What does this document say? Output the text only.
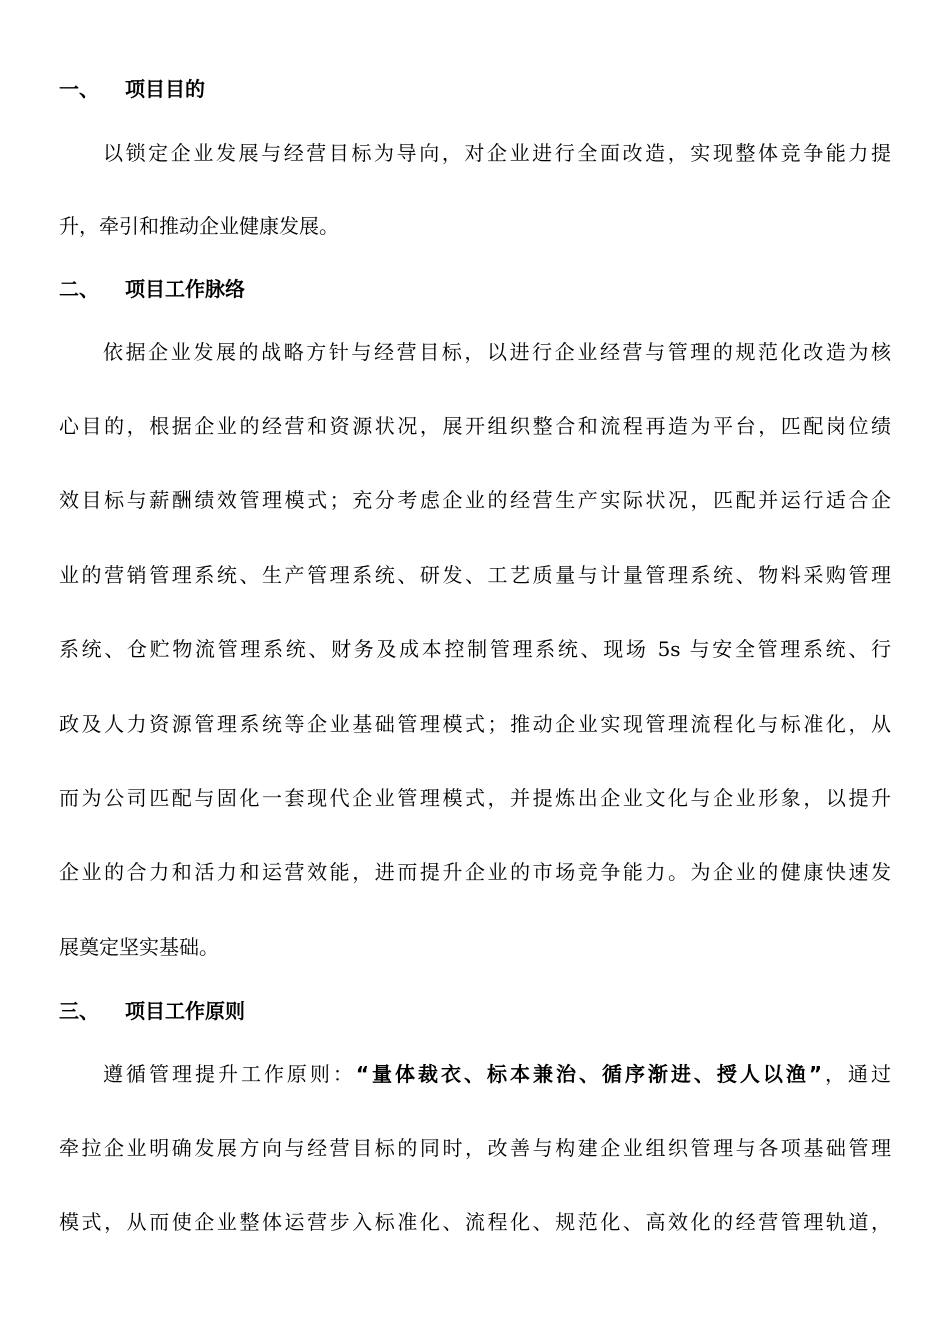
一、 项目目的
以锁定企业发展与经营目标为导向，对企业进行全面改造，实现整体竞争能力提
升，牵引和推动企业健康发展。
二、 项目工作脉络
依据企业发展的战略方针与经营目标，以进行企业经营与管理的规范化改造为核
心目的，根据企业的经营和资源状况，展开组织整合和流程再造为平台，匹配岗位绩
效目标与薪酬绩效管理模式；充分考虑企业的经营生产实际状况，匹配并运行适合企
业的营销管理系统、生产管理系统、研发、工艺质量与计量管理系统、物料采购管理
系统、仓贮物流管理系统、财务及成本控制管理系统、现场 5s 与安全管理系统、行
政及人力资源管理系统等企业基础管理模式；推动企业实现管理流程化与标准化，从
而为公司匹配与固化一套现代企业管理模式，并提炼出企业文化与企业形象，以提升
企业的合力和活力和运营效能，进而提升企业的市场竞争能力。为企业的健康快速发
展奠定坚实基础。
三、 项目工作原则
遵循管理提升工作原则：“量体裁衣、标本兼治、循序渐进、授人以渔”，通过
牵拉企业明确发展方向与经营目标的同时，改善与构建企业组织管理与各项基础管理
模式，从而使企业整体运营步入标准化、流程化、规范化、高效化的经营管理轨道，
